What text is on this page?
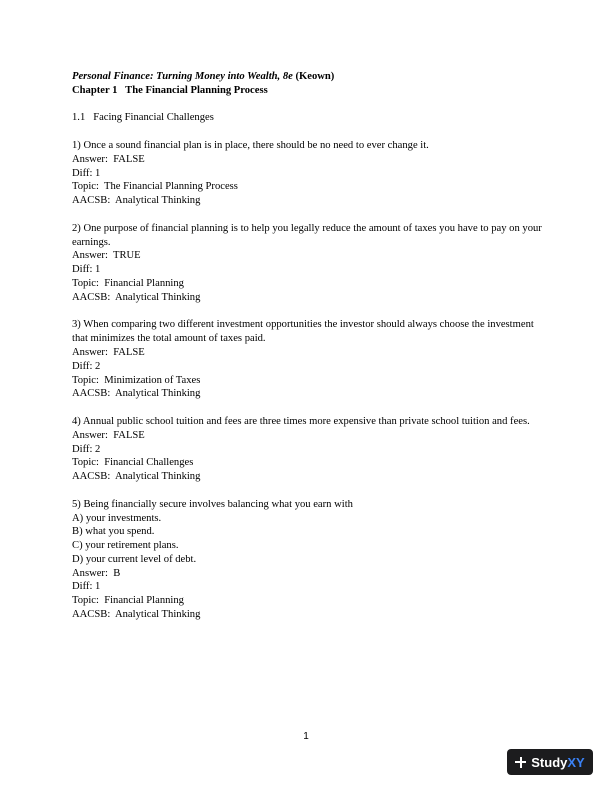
Personal Finance: Turning Money into Wealth, 8e (Keown)
Chapter 1   The Financial Planning Process
1.1   Facing Financial Challenges
1) Once a sound financial plan is in place, there should be no need to ever change it.
Answer:  FALSE
Diff: 1
Topic:  The Financial Planning Process
AACSB:  Analytical Thinking
2) One purpose of financial planning is to help you legally reduce the amount of taxes you have to pay on your earnings.
Answer:  TRUE
Diff: 1
Topic:  Financial Planning
AACSB:  Analytical Thinking
3) When comparing two different investment opportunities the investor should always choose the investment that minimizes the total amount of taxes paid.
Answer:  FALSE
Diff: 2
Topic:  Minimization of Taxes
AACSB:  Analytical Thinking
4) Annual public school tuition and fees are three times more expensive than private school tuition and fees.
Answer:  FALSE
Diff: 2
Topic:  Financial Challenges
AACSB:  Analytical Thinking
5) Being financially secure involves balancing what you earn with
A) your investments.
B) what you spend.
C) your retirement plans.
D) your current level of debt.
Answer:  B
Diff: 1
Topic:  Financial Planning
AACSB:  Analytical Thinking
1
StudyXY
